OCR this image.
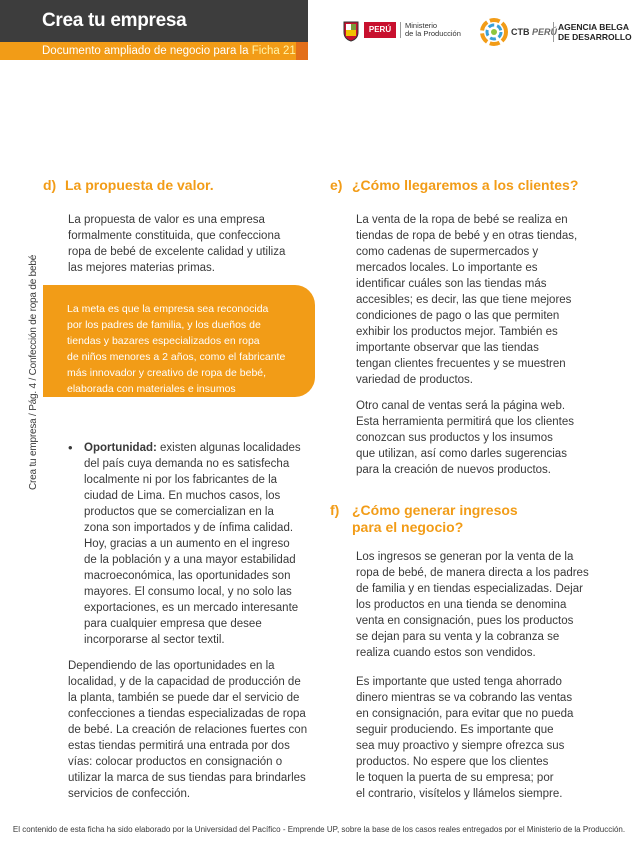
Crea tu empresa
Documento ampliado de negocio para la Ficha 21
PERÚ	Ministerio
de la Producción	CTB PERÚ AGENCIA BELGA
DE DESARROLLO
Crea tu empresa / Pág. 4 / Confección de ropa de bebé
d) La propuesta de valor.

La propuesta de valor es una empresa

formalmente constituida, que confecciona

ropa de bebé de excelente calidad y utiliza

las mejores materias primas.

La meta es que la empresa sea reconocida
por los padres de familia, y los dueños de
tiendas y bazares especializados en ropa
de niños menores a 2 años, como el fabricante
más innovador y creativo de ropa de bebé,
elaborada con materiales e insumos
de excelente calidad.
• Oportunidad: existen algunas localidades

del país cuya demanda no es satisfecha

localmente ni por los fabricantes de la

ciudad de Lima. En muchos casos, los

productos que se comercializan en la

zona son importados y de ínfima calidad.

Hoy, gracias a un aumento en el ingreso

de la población y a una mayor estabilidad

macroeconómica, las oportunidades son

mayores. El consumo local, y no solo las

exportaciones, es un mercado interesante

para cualquier empresa que desee

incorporarse al sector textil.

Dependiendo de las oportunidades en la

localidad, y de la capacidad de producción de

la planta, también se puede dar el servicio de

confecciones a tiendas especializadas de ropa

de bebé. La creación de relaciones fuertes con

estas tiendas permitirá una entrada por dos

vías: colocar productos en consignación o

utilizar la marca de sus tiendas para brindarles

servicios de confección.

e) ¿Cómo llegaremos a los clientes?

La venta de la ropa de bebé se realiza en

tiendas de ropa de bebé y en otras tiendas,

como cadenas de supermercados y

mercados locales. Lo importante es

identificar cuáles son las tiendas más

accesibles; es decir, las que tiene mejores

condiciones de pago o las que permiten

exhibir los productos mejor. También es

importante observar que las tiendas

tengan clientes frecuentes y se muestren

variedad de productos.

Otro canal de ventas será la página web.

Esta herramienta permitirá que los clientes

conozcan sus productos y los insumos

que utilizan, así como darles sugerencias

para la creación de nuevos productos.

f) ¿Cómo generar ingresos
para el negocio?

Los ingresos se generan por la venta de la

ropa de bebé, de manera directa a los padres

de familia y en tiendas especializadas. Dejar

los productos en una tienda se denomina

venta en consignación, pues los productos

se dejan para su venta y la cobranza se

realiza cuando estos son vendidos.

Es importante que usted tenga ahorrado

dinero mientras se va cobrando las ventas

en consignación, para evitar que no pueda

seguir produciendo. Es importante que

sea muy proactivo y siempre ofrezca sus

productos. No espere que los clientes

le toquen la puerta de su empresa; por

el contrario, visítelos y llámelos siempre.

El contenido de esta ficha ha sido elaborado por la Universidad del Pacífico - Emprende UP, sobre la base de los casos reales entregados por el Ministerio de la Producción.
